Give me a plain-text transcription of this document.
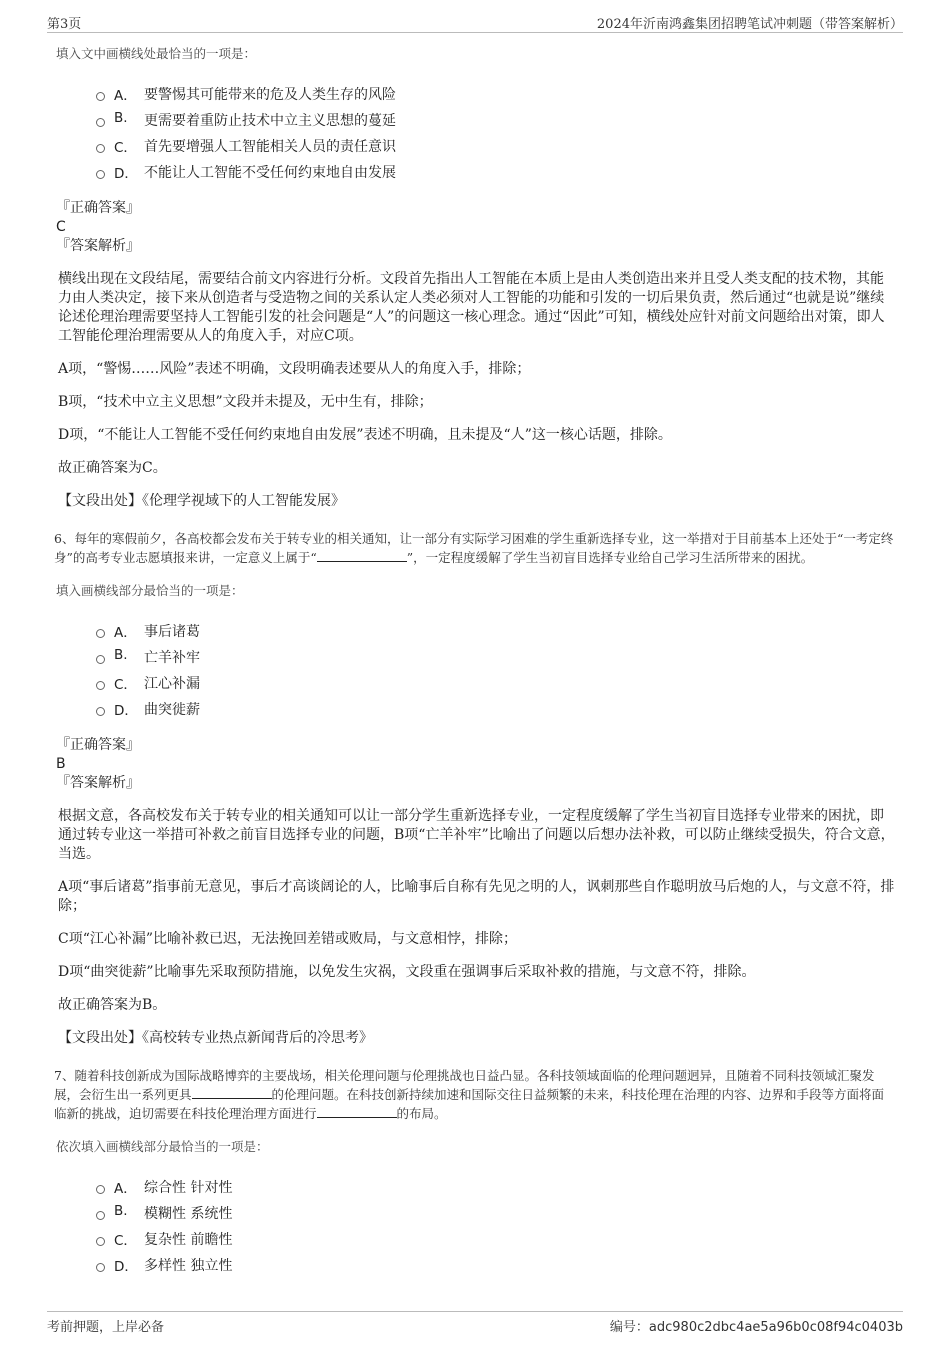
第3页	2024年沂南鸿鑫集团招聘笔试冲刺题（带答案解析）
填入文中画横线处最恰当的一项是：
A． 要警惕其可能带来的危及人类生存的风险
B. 更需要着重防止技术中立主义思想的蔓延
C． 首先要增强人工智能相关人员的责任意识
D． 不能让人工智能不受任何约束地自由发展
『正确答案』
C
『答案解析』

横线出现在文段结尾，需要结合前文内容进行分析。文段首先指出人工智能在本质上是由人类创造出来并且受人类支配的技术物，其能力由人类决定，接下来从创造者与受造物之间的关系认定人类必须对人工智能的功能和引发的一切后果负责，然后通过“也就是说”继续论述伦理治理需要坚持人工智能引发的社会问题是“人”的问题这一核心理念。通过“因此”可知，横线处应针对前文问题给出对策，即人工智能伦理治理需要从人的角度入手，对应C项。

A项，“警惕……风险”表述不明确，文段明确表述要从人的角度入手，排除；

B项，“技术中立主义思想”文段并未提及，无中生有，排除；

D项，“不能让人工智能不受任何约束地自由发展”表述不明确，且未提及“人”这一核心话题，排除。

故正确答案为C。

【文段出处】《伦理学视域下的人工智能发展》

6、每年的寒假前夕，各高校都会发布关于转专业的相关通知，让一部分有实际学习困难的学生重新选择专业，这一举措对于目前基本上还处于“一考定终身”的高考专业志愿填报来讲，一定意义上属于“	”，一定程度缓解了学生当初盲目选择专业给自己学习生活所带来的困扰。

填入画横线部分最恰当的一项是：
A． 事后诸葛
B. 亡羊补牢
C． 江心补漏
D． 曲突徙薪
『正确答案』
B
『答案解析』

根据文意，各高校发布关于转专业的相关通知可以让一部分学生重新选择专业，一定程度缓解了学生当初盲目选择专业带来的困扰，即通过转专业这一举措可补救之前盲目选择专业的问题，B项“亡羊补牢”比喻出了问题以后想办法补救，可以防止继续受损失，符合文意，当选。

A项“事后诸葛”指事前无意见，事后才高谈阔论的人，比喻事后自称有先见之明的人，讽刺那些自作聪明放马后炮的人，与文意不符，排除；

C项“江心补漏”比喻补救已迟，无法挽回差错或败局，与文意相悖，排除；

D项“曲突徙薪”比喻事先采取预防措施，以免发生灾祸，文段重在强调事后采取补救的措施，与文意不符，排除。

故正确答案为B。

【文段出处】《高校转专业热点新闻背后的冷思考》

7、随着科技创新成为国际战略博弈的主要战场，相关伦理问题与伦理挑战也日益凸显。各科技领域面临的伦理问题迥异，且随着不同科技领域汇聚发展，会衍生出一系列更具	的伦理问题。在科技创新持续加速和国际交往日益频繁的未来，科技伦理在治理的内容、边界和手段等方面将面临新的挑战，迫切需要在科技伦理治理方面进行	的布局。

依次填入画横线部分最恰当的一项是：
A． 综合性 针对性
B. 模糊性 系统性
C． 复杂性 前瞻性
D． 多样性 独立性
考前押题，上岸必备	编号：adc980c2dbc4ae5a96b0c08f94c0403b
